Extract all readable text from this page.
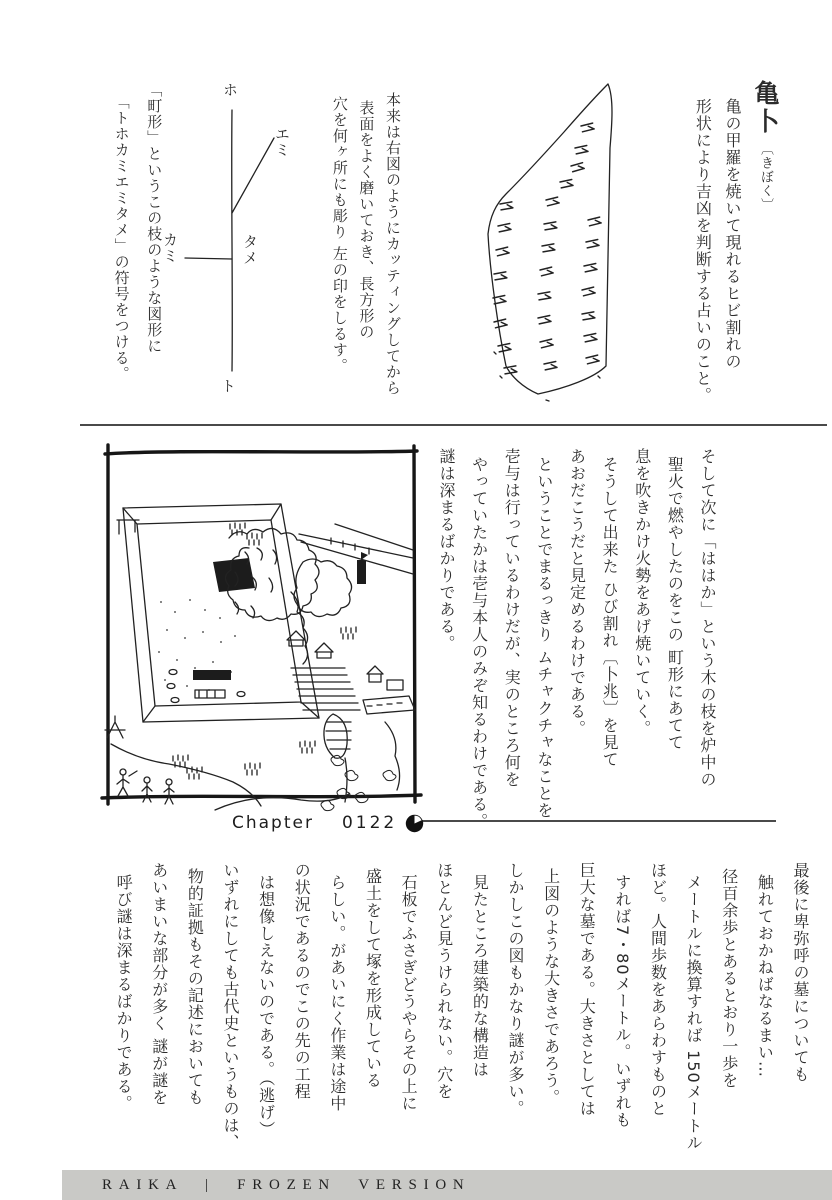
亀卜〔きぼく〕

亀の甲羅を焼いて現れるヒビ割れの

形状により吉凶を判断する占いのこと。

本来は右図のようにカッティングしてから

表面をよく磨いておき、長方形の

穴を何ヶ所にも彫り 左の印をしるす。

ホ
エミ
タメ
カミ
ト

「町形」というこの枝のような図形に

「トホカミエミタメ」の符号をつける。

そして次に「ははか」という木の枝を炉中の

聖火で燃やしたのをこの 町形にあてて

息を吹きかけ火勢をあげ焼いていく。

そうして出来た ひび割れ〔卜兆〕を見て

あおだこうだと見定めるわけである。

ということでまるっきり ムチャクチャなことを

壱与は行っているわけだが、実のところ何を

やっていたかは壱与本人のみぞ知るわけである。

謎は深まるばかりである。

Chapter 0122

最後に卑弥呼の墓についても

触れておかねばなるまい…

径百余歩とあるとおり一歩を

メートルに換算すれば 150メートル

ほど。人間歩数をあらわすものと

すれば7・80メートル。いずれも

巨大な墓である。大きさとしては

上図のような大きさであろう。

しかしこの図もかなり謎が多い。

見たところ建築的な構造は

ほとんど見うけられない。穴を

石板でふさぎどうやらその上に

盛土をして塚を形成している

らしい。があいにく作業は途中

の状況であるのでこの先の工程

は想像しえないのである。（逃げ）

いずれにしても古代史というものは、

物的証拠もその記述においても

あいまいな部分が多く 謎が謎を

呼び謎は深まるばかりである。

RAIKA | FROZEN VERSION
